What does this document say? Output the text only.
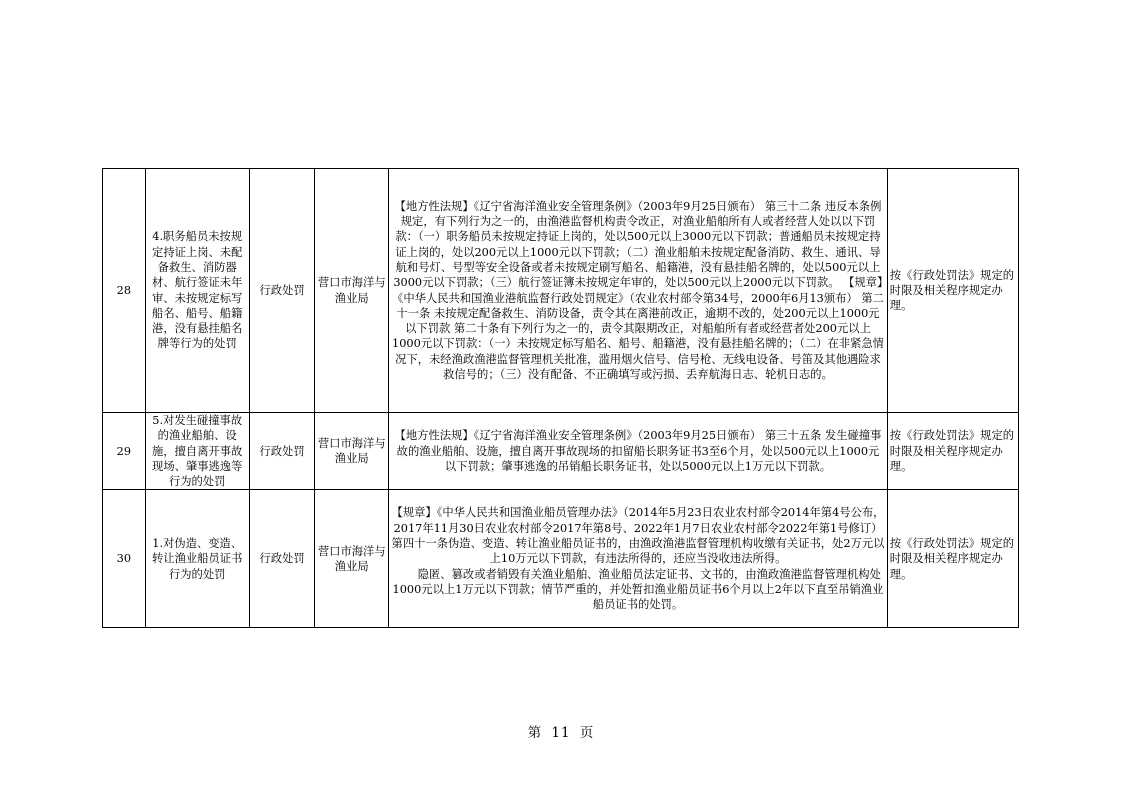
28	4.职务船员未按规定持证上岗、未配备救生、消防器材、航行签证未年审、未按规定标写船名、船号、船籍港，没有悬挂船名牌等行为的处罚	行政处罚	营口市海洋与渔业局	【地方性法规】《辽宁省海洋渔业安全管理条例》（2003年9月25日颁布） 第三十二条 违反本条例规定，有下列行为之一的，由渔港监督机构责令改正，对渔业船舶所有人或者经营人处以以下罚款：（一）职务船员未按规定持证上岗的，处以500元以上3000元以下罚款；普通船员未按规定持证上岗的，处以200元以上1000元以下罚款；（二）渔业船舶未按规定配备消防、救生、通讯、导航和号灯、号型等安全设备或者未按规定刷写船名、船籍港，没有悬挂船名牌的，处以500元以上3000元以下罚款；（三）航行签证簿未按规定年审的，处以500元以上2000元以下罚款。 【规章】《中华人民共和国渔业港航监督行政处罚规定》（农业农村部令第34号，2000年6月13颁布） 第二十一条 未按规定配备救生、消防设备，责令其在离港前改正，逾期不改的，处200元以上1000元以下罚款 第二十条有下列行为之一的，责令其限期改正，对船舶所有者或经营者处200元以上1000元以下罚款：（一）未按规定标写船名、船号、船籍港，没有悬挂船名牌的；（二）在非紧急情况下，未经渔政渔港监督管理机关批准，滥用烟火信号、信号枪、无线电设备、号笛及其他遇险求救信号的；（三）没有配备、不正确填写或污损、丢弃航海日志、轮机日志的。	按《行政处罚法》规定的时限及相关程序规定办理。
29	5.对发生碰撞事故的渔业船舶、设施，擅自离开事故现场、肇事逃逸等行为的处罚	行政处罚	营口市海洋与渔业局	【地方性法规】《辽宁省海洋渔业安全管理条例》（2003年9月25日颁布） 第三十五条 发生碰撞事故的渔业船舶、设施，擅自离开事故现场的扣留船长职务证书3至6个月，处以500元以上1000元以下罚款；肇事逃逸的吊销船长职务证书，处以5000元以上1万元以下罚款。	按《行政处罚法》规定的时限及相关程序规定办理。
30	1.对伪造、变造、转让渔业船员证书行为的处罚	行政处罚	营口市海洋与渔业局	【规章】《中华人民共和国渔业船员管理办法》（2014年5月23日农业农村部令2014年第4号公布，2017年11月30日农业农村部令2017年第8号、2022年1月7日农业农村部令2022年第1号修订） 第四十一条伪造、变造、转让渔业船员证书的，由渔政渔港监督管理机构收缴有关证书，处2万元以上10万元以下罚款，有违法所得的，还应当没收违法所得。
隐匿、篡改或者销毁有关渔业船舶、渔业船员法定证书、文书的，由渔政渔港监督管理机构处1000元以上1万元以下罚款；情节严重的，并处暂扣渔业船员证书6个月以上2年以下直至吊销渔业船员证书的处罚。	按《行政处罚法》规定的时限及相关程序规定办理。
第 11 页
